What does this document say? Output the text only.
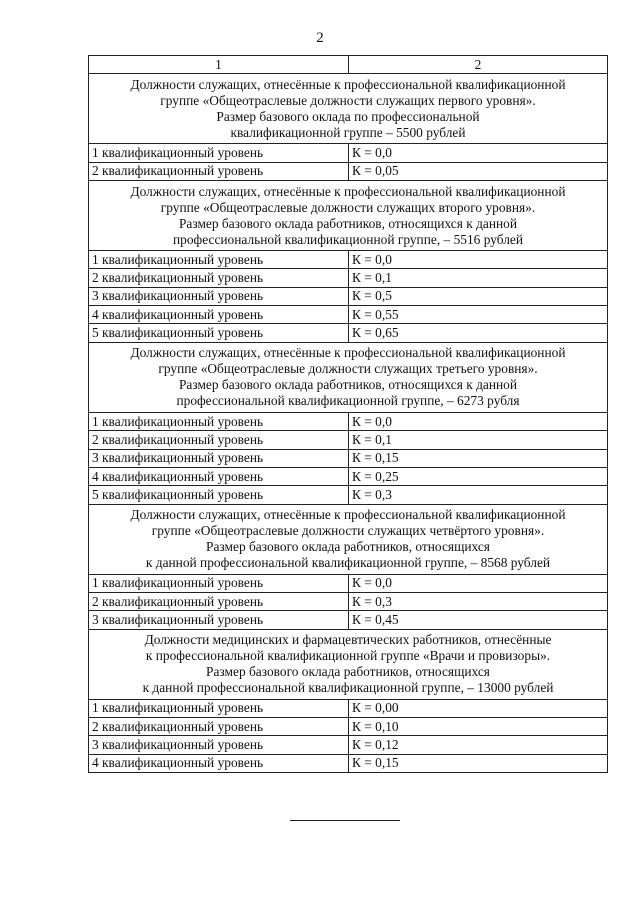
2
1	2

Должности служащих, отнесённые к профессиональной квалификационной
группе «Общеотраслевые должности служащих первого уровня».
Размер базового оклада по профессиональной
квалификационной группе – 5500 рублей	

1 квалификационный уровень	К = 0,0
2 квалификационный уровень	К = 0,05

Должности служащих, отнесённые к профессиональной квалификационной
группе «Общеотраслевые должности служащих второго уровня».
Размер базового оклада работников, относящихся к данной
профессиональной квалификационной группе, – 5516 рублей	

1 квалификационный уровень	К = 0,0
2 квалификационный уровень	К = 0,1
3 квалификационный уровень	К = 0,5
4 квалификационный уровень	К = 0,55
5 квалификационный уровень	К = 0,65

Должности служащих, отнесённые к профессиональной квалификационной
группе «Общеотраслевые должности служащих третьего уровня».
Размер базового оклада работников, относящихся к данной
профессиональной квалификационной группе, – 6273 рубля	

1 квалификационный уровень	К = 0,0
2 квалификационный уровень	К = 0,1
3 квалификационный уровень	К = 0,15
4 квалификационный уровень	К = 0,25
5 квалификационный уровень	К = 0,3

Должности служащих, отнесённые к профессиональной квалификационной
группе «Общеотраслевые должности служащих четвёртого уровня».
Размер базового оклада работников, относящихся
к данной профессиональной квалификационной группе, – 8568 рублей	

1 квалификационный уровень	К = 0,0
2 квалификационный уровень	К = 0,3
3 квалификационный уровень	К = 0,45

Должности медицинских и фармацевтических работников, отнесённые
к профессиональной квалификационной группе «Врачи и провизоры».
Размер базового оклада работников, относящихся
к данной профессиональной квалификационной группе, – 13000 рублей	

1 квалификационный уровень	К = 0,00
2 квалификационный уровень	К = 0,10
3 квалификационный уровень	К = 0,12
4 квалификационный уровень	К = 0,15
